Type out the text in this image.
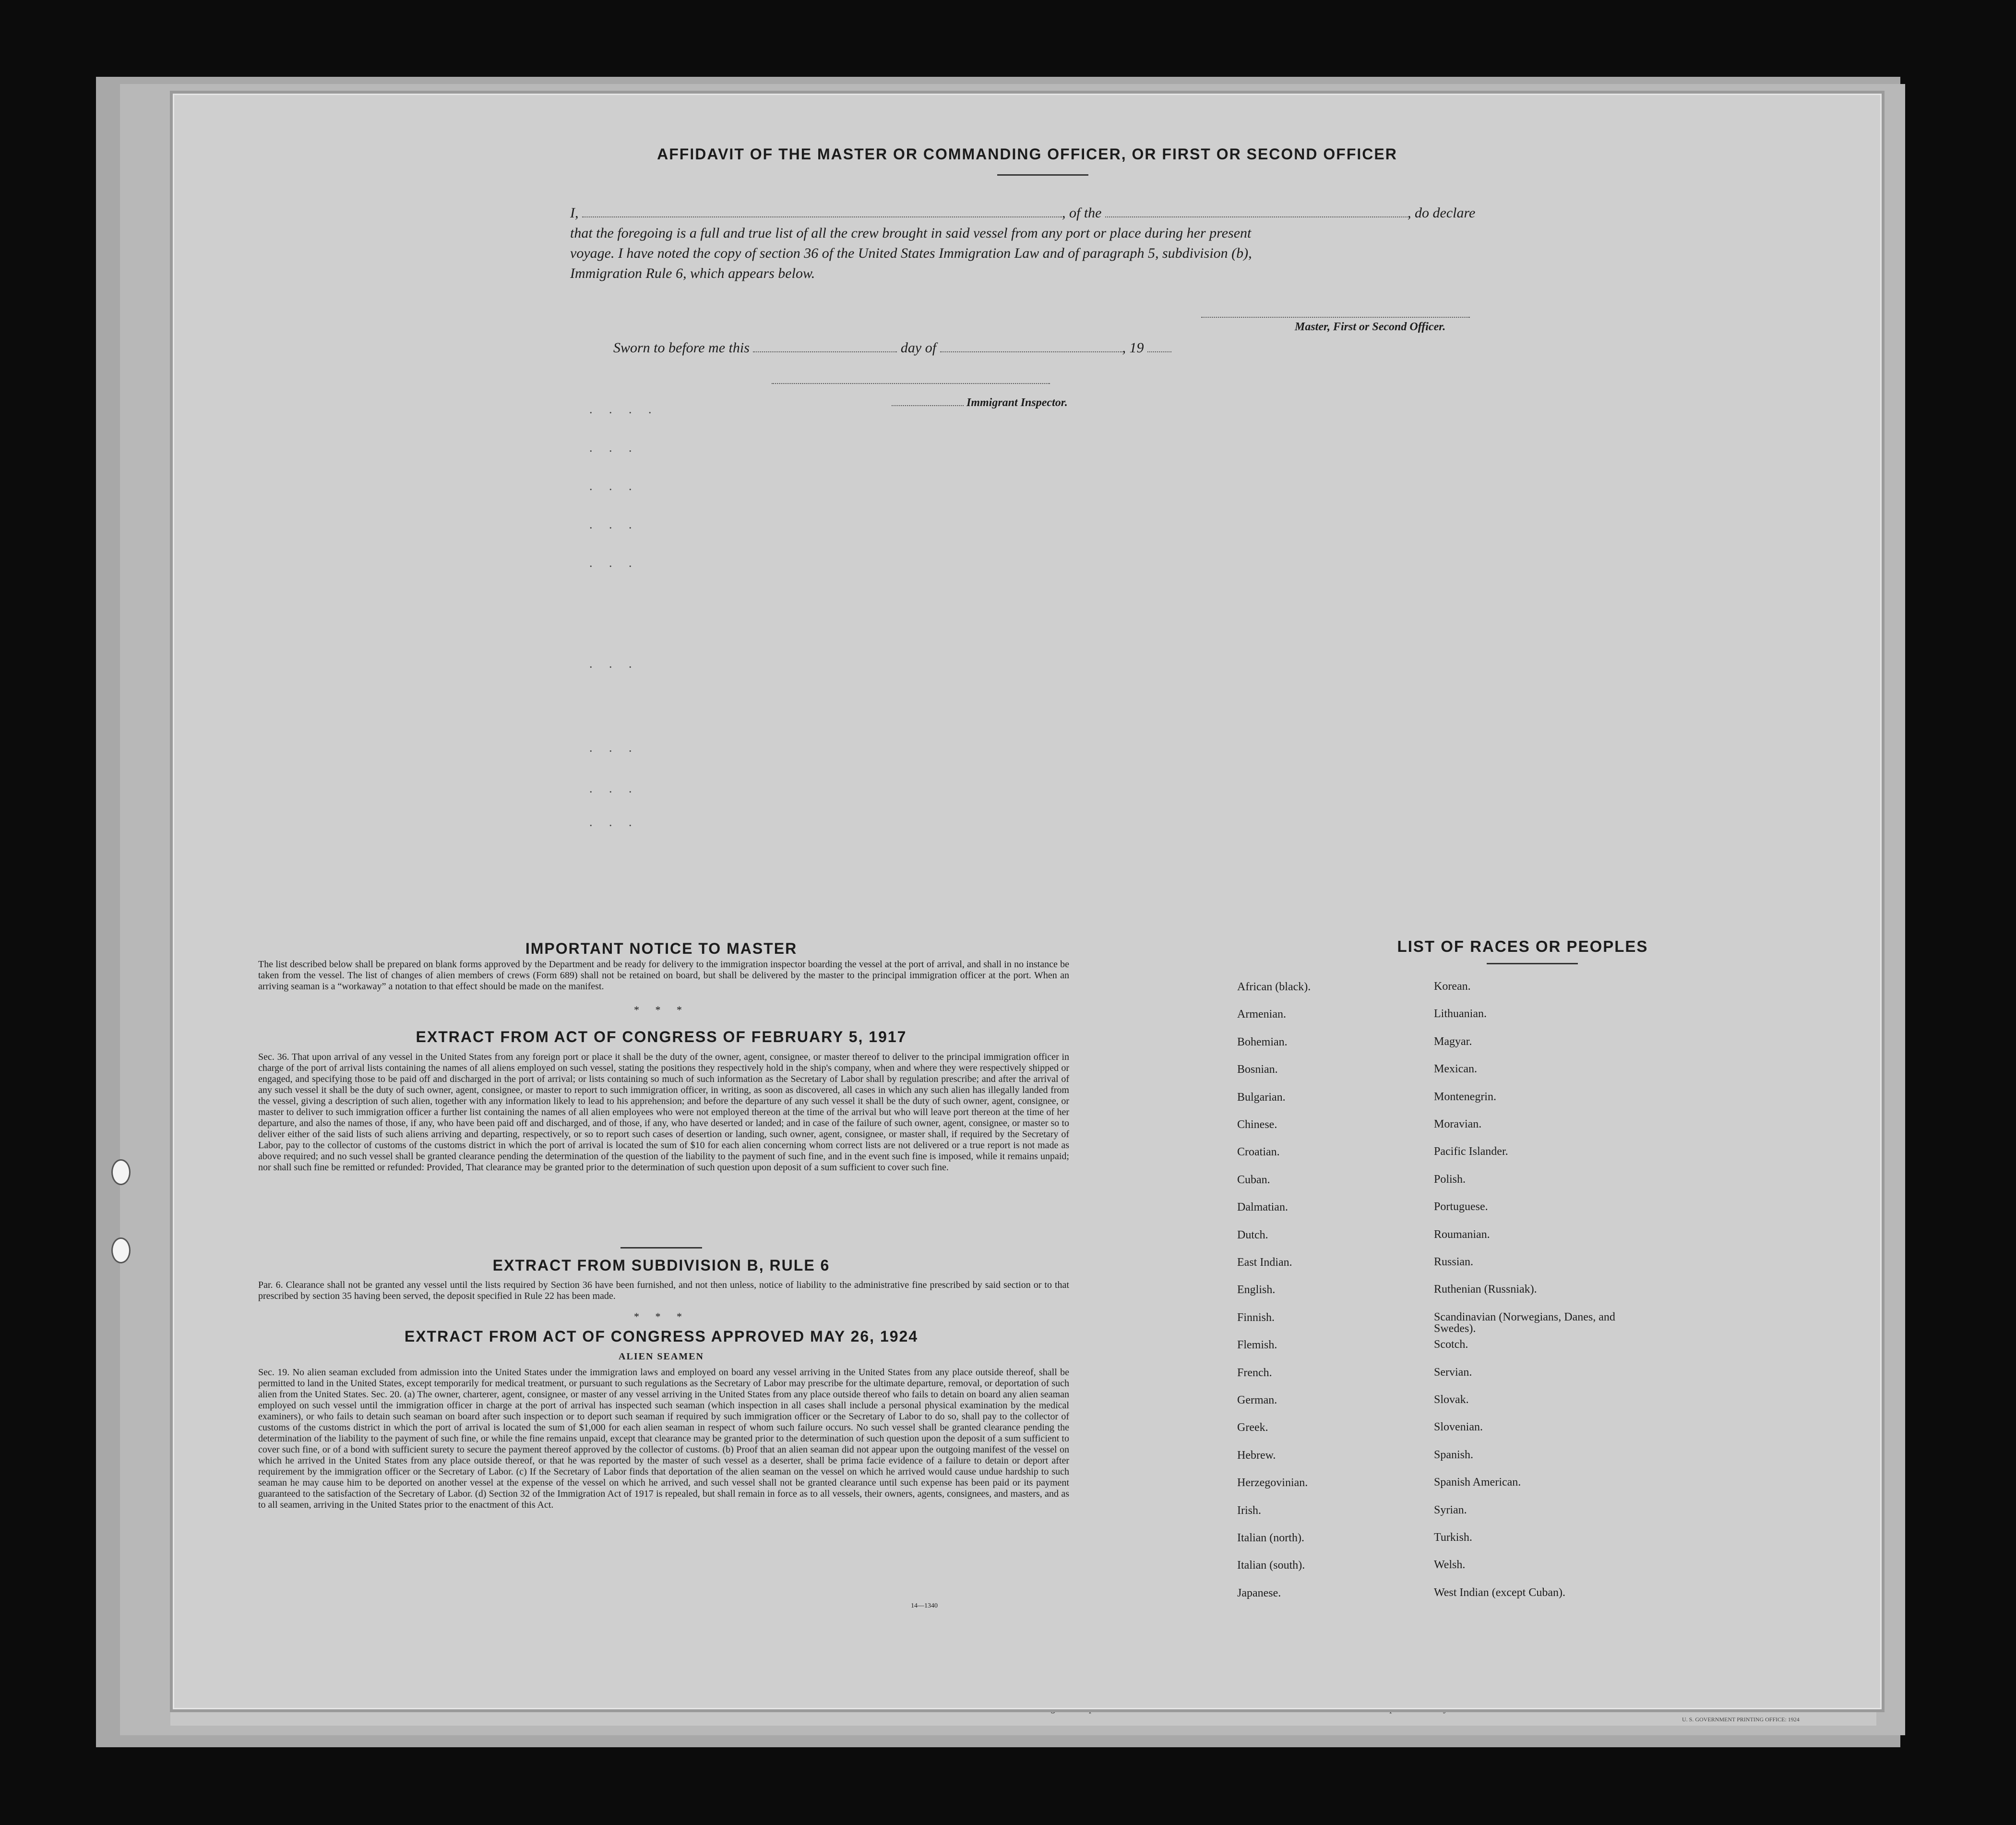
U. S. GOVERNMENT PRINTING OFFICE: 1924
AFFIDAVIT OF THE MASTER OR COMMANDING OFFICER, OR FIRST OR SECOND OFFICER
I,	, of the	, do declare
that the foregoing is a full and true list of all the crew brought in said vessel from any port or place during her present
voyage. I have noted the copy of section 36 of the United States Immigration Law and of paragraph 5, subdivision (b),
Immigration Rule 6, which appears below.
Master, First or Second Officer.
Sworn to before me this	day of	, 19
Immigrant Inspector.
. . . .
. . .
. . .
. . .
. . .
. . .
. . .
. . .
. . .
IMPORTANT NOTICE TO MASTER
The list described below shall be prepared on blank forms approved by the Department and be ready for delivery to the immigration inspector boarding the vessel at the port of arrival, and shall in no instance be taken from the vessel. The list of changes of alien members of crews (Form 689) shall not be retained on board, but shall be delivered by the master to the principal immigration officer at the port. When an arriving seaman is a “workaway” a notation to that effect should be made on the manifest.
* * *
EXTRACT FROM ACT OF CONGRESS OF FEBRUARY 5, 1917
Sec. 36. That upon arrival of any vessel in the United States from any foreign port or place it shall be the duty of the owner, agent, consignee, or master thereof to deliver to the principal immigration officer in charge of the port of arrival lists containing the names of all aliens employed on such vessel, stating the positions they respectively hold in the ship's company, when and where they were respectively shipped or engaged, and specifying those to be paid off and discharged in the port of arrival; or lists containing so much of such information as the Secretary of Labor shall by regulation prescribe; and after the arrival of any such vessel it shall be the duty of such owner, agent, consignee, or master to report to such immigration officer, in writing, as soon as discovered, all cases in which any such alien has illegally landed from the vessel, giving a description of such alien, together with any information likely to lead to his apprehension; and before the departure of any such vessel it shall be the duty of such owner, agent, consignee, or master to deliver to such immigration officer a further list containing the names of all alien employees who were not employed thereon at the time of the arrival but who will leave port thereon at the time of her departure, and also the names of those, if any, who have been paid off and discharged, and of those, if any, who have deserted or landed; and in case of the failure of such owner, agent, consignee, or master so to deliver either of the said lists of such aliens arriving and departing, respectively, or so to report such cases of desertion or landing, such owner, agent, consignee, or master shall, if required by the Secretary of Labor, pay to the collector of customs of the customs district in which the port of arrival is located the sum of $10 for each alien concerning whom correct lists are not delivered or a true report is not made as above required; and no such vessel shall be granted clearance pending the determination of the question of the liability to the payment of such fine, and in the event such fine is imposed, while it remains unpaid; nor shall such fine be remitted or refunded: Provided, That clearance may be granted prior to the determination of such question upon deposit of a sum sufficient to cover such fine.
EXTRACT FROM SUBDIVISION B, RULE 6
Par. 6. Clearance shall not be granted any vessel until the lists required by Section 36 have been furnished, and not then unless, notice of liability to the administrative fine prescribed by said section or to that prescribed by section 35 having been served, the deposit specified in Rule 22 has been made.
* * *
EXTRACT FROM ACT OF CONGRESS APPROVED MAY 26, 1924
ALIEN SEAMEN
Sec. 19. No alien seaman excluded from admission into the United States under the immigration laws and employed on board any vessel arriving in the United States from any place outside thereof, shall be permitted to land in the United States, except temporarily for medical treatment, or pursuant to such regulations as the Secretary of Labor may prescribe for the ultimate departure, removal, or deportation of such alien from the United States. Sec. 20. (a) The owner, charterer, agent, consignee, or master of any vessel arriving in the United States from any place outside thereof who fails to detain on board any alien seaman employed on such vessel until the immigration officer in charge at the port of arrival has inspected such seaman (which inspection in all cases shall include a personal physical examination by the medical examiners), or who fails to detain such seaman on board after such inspection or to deport such seaman if required by such immigration officer or the Secretary of Labor to do so, shall pay to the collector of customs of the customs district in which the port of arrival is located the sum of $1,000 for each alien seaman in respect of whom such failure occurs. No such vessel shall be granted clearance pending the determination of the liability to the payment of such fine, or while the fine remains unpaid, except that clearance may be granted prior to the determination of such question upon the deposit of a sum sufficient to cover such fine, or of a bond with sufficient surety to secure the payment thereof approved by the collector of customs. (b) Proof that an alien seaman did not appear upon the outgoing manifest of the vessel on which he arrived in the United States from any place outside thereof, or that he was reported by the master of such vessel as a deserter, shall be prima facie evidence of a failure to detain or deport after requirement by the immigration officer or the Secretary of Labor. (c) If the Secretary of Labor finds that deportation of the alien seaman on the vessel on which he arrived would cause undue hardship to such seaman he may cause him to be deported on another vessel at the expense of the vessel on which he arrived, and such vessel shall not be granted clearance until such expense has been paid or its payment guaranteed to the satisfaction of the Secretary of Labor. (d) Section 32 of the Immigration Act of 1917 is repealed, but shall remain in force as to all vessels, their owners, agents, consignees, and masters, and as to all seamen, arriving in the United States prior to the enactment of this Act.
14—1340
LIST OF RACES OR PEOPLES
African (black).
Armenian.
Bohemian.
Bosnian.
Bulgarian.
Chinese.
Croatian.
Cuban.
Dalmatian.
Dutch.
East Indian.
English.
Finnish.
Flemish.
French.
German.
Greek.
Hebrew.
Herzegovinian.
Irish.
Italian (north).
Italian (south).
Japanese.
Korean.
Lithuanian.
Magyar.
Mexican.
Montenegrin.
Moravian.
Pacific Islander.
Polish.
Portuguese.
Roumanian.
Russian.
Ruthenian (Russniak).
Scandinavian (Norwegians, Danes, and Swedes).
Scotch.
Servian.
Slovak.
Slovenian.
Spanish.
Spanish American.
Syrian.
Turkish.
Welsh.
West Indian (except Cuban).
